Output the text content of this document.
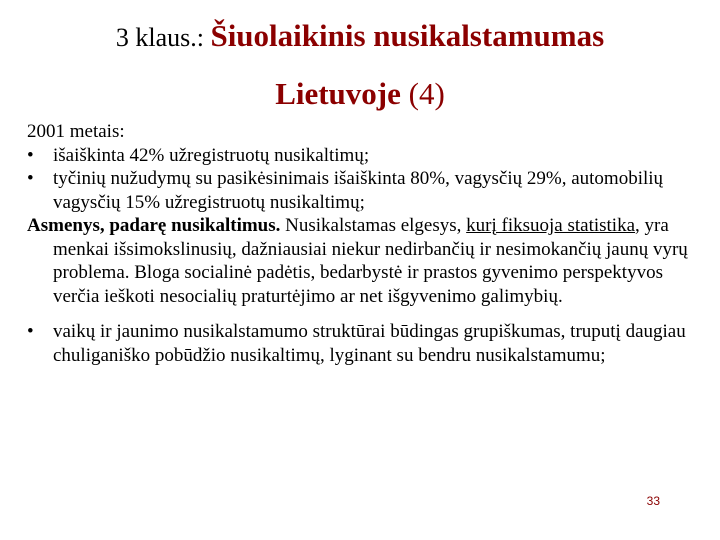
3 klaus.: Šiuolaikinis nusikalstamumas
Lietuvoje (4)

2001 metais:

• išaiškinta 42% užregistruotų nusikaltimų;
• tyčinių nužudymų su pasikėsinimais išaiškinta 80%, vagysčių 29%, automobilių vagysčių 15% užregistruotų nusikaltimų;

Asmenys, padarę nusikaltimus. Nusikalstamas elgesys, kurį fiksuoja statistika, yra menkai išsimokslinusių, dažniausiai niekur nedirbančių ir nesimokančių jaunų vyrų problema. Bloga socialinė padėtis, bedarbystė ir prastos gyvenimo perspektyvos verčia ieškoti nesocialių praturtėjimo ar net išgyvenimo galimybių.

• vaikų ir jaunimo nusikalstamumo struktūrai būdingas grupiškumas, truputį daugiau chuliganiško pobūdžio nusikaltimų, lyginant su bendru nusikalstamumu;
33
